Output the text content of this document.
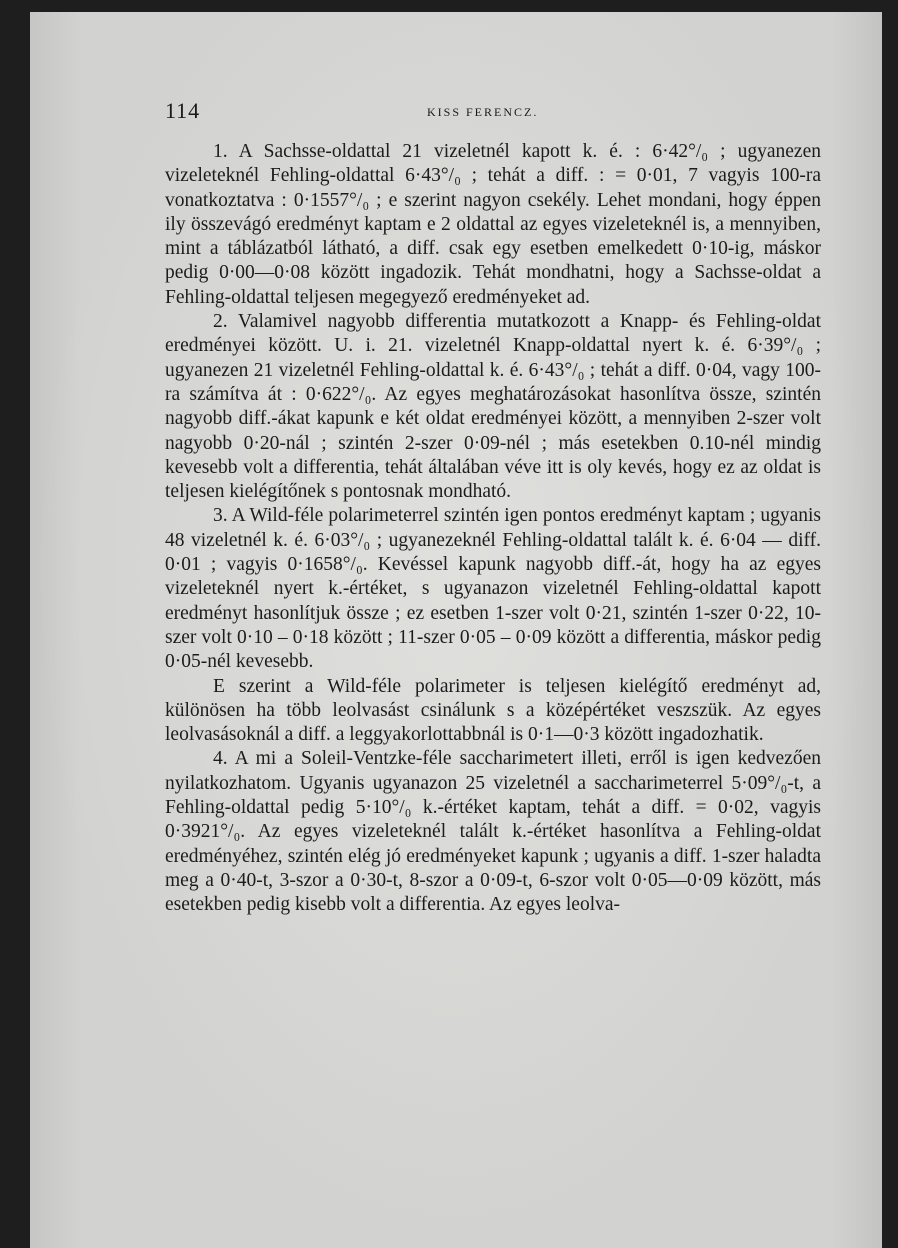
114	KISS FERENCZ.

1. A Sachsse-oldattal 21 vizeletnél kapott k. é. : 6·42°/₀ ; ugyanezen vizeleteknél Fehling-oldattal 6·43°/₀ ; tehát a diff. : = 0·01, 7 vagyis 100-ra vonatkoztatva : 0·1557°/₀ ; e szerint nagyon csekély. Lehet mondani, hogy éppen ily összevágó eredményt kaptam e 2 oldattal az egyes vizeleteknél is, a mennyiben, mint a táblázatból látható, a diff. csak egy esetben emelkedett 0·10-ig, máskor pedig 0·00—0·08 között ingadozik. Tehát mondhatni, hogy a Sachsse-oldat a Fehling-oldattal teljesen megegyező eredményeket ad.

2. Valamivel nagyobb differentia mutatkozott a Knapp- és Fehling-oldat eredményei között. U. i. 21. vizeletnél Knapp-oldattal nyert k. é. 6·39°/₀ ; ugyanezen 21 vizeletnél Fehling-oldattal k. é. 6·43°/₀ ; tehát a diff. 0·04, vagy 100-ra számítva át : 0·622°/₀. Az egyes meghatározásokat hasonlítva össze, szintén nagyobb diff.-ákat kapunk e két oldat eredményei között, a mennyiben 2-szer volt nagyobb 0·20-nál ; szintén 2-szer 0·09-nél ; más esetekben 0.10-nél mindig kevesebb volt a differentia, tehát általában véve itt is oly kevés, hogy ez az oldat is teljesen kielégítőnek s pontosnak mondható.

3. A Wild-féle polarimeterrel szintén igen pontos eredményt kaptam ; ugyanis 48 vizeletnél k. é. 6·03°/₀ ; ugyanezeknél Fehling-oldattal talált k. é. 6·04 — diff. 0·01 ; vagyis 0·1658°/₀. Kevéssel kapunk nagyobb diff.-át, hogy ha az egyes vizeleteknél nyert k.-értéket, s ugyanazon vizeletnél Fehling-oldattal kapott eredményt hasonlítjuk össze ; ez esetben 1-szer volt 0·21, szintén 1-szer 0·22, 10-szer volt 0·10 – 0·18 között ; 11-szer 0·05 – 0·09 között a differentia, máskor pedig 0·05-nél kevesebb.

E szerint a Wild-féle polarimeter is teljesen kielégítő eredményt ad, különösen ha több leolvasást csinálunk s a középértéket veszszük. Az egyes leolvasásoknál a diff. a leggyakorlottabbnál is 0·1—0·3 között ingadozhatik.

4. A mi a Soleil-Ventzke-féle saccharimetert illeti, erről is igen kedvezően nyilatkozhatom. Ugyanis ugyanazon 25 vizeletnél a saccharimeterrel 5·09°/₀-t, a Fehling-oldattal pedig 5·10°/₀ k.-értéket kaptam, tehát a diff. = 0·02, vagyis 0·3921°/₀. Az egyes vizeleteknél talált k.-értéket hasonlítva a Fehling-oldat eredményéhez, szintén elég jó eredményeket kapunk ; ugyanis a diff. 1-szer haladta meg a 0·40-t, 3-szor a 0·30-t, 8-szor a 0·09-t, 6-szor volt 0·05—0·09 között, más esetekben pedig kisebb volt a differentia. Az egyes leolva-
